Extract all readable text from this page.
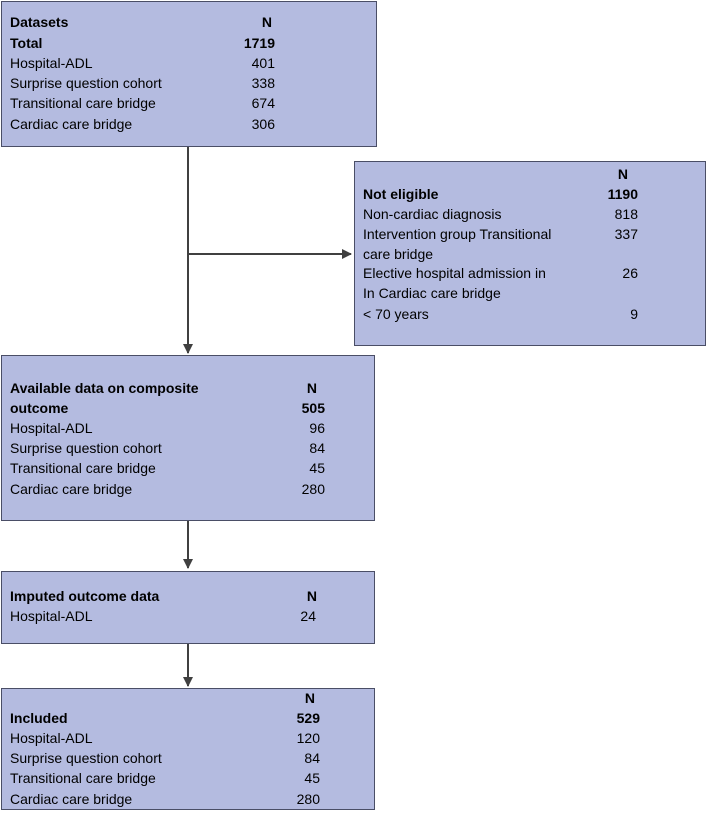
Datasets	N
Total	1719
Hospital-ADL	401
Surprise question cohort	338
Transitional care bridge	674
Cardiac care bridge	306
N
Not eligible	1190
Non-cardiac diagnosis	818
Intervention group Transitional	337
care bridge
Elective hospital admission in	26
In Cardiac care bridge
< 70 years	9
Available data on composite	N
outcome	505
Hospital-ADL	96
Surprise question cohort	84
Transitional care bridge	45
Cardiac care bridge	280
Imputed outcome data	N
Hospital-ADL	24
N
Included	529
Hospital-ADL	120
Surprise question cohort	84
Transitional care bridge	45
Cardiac care bridge	280
